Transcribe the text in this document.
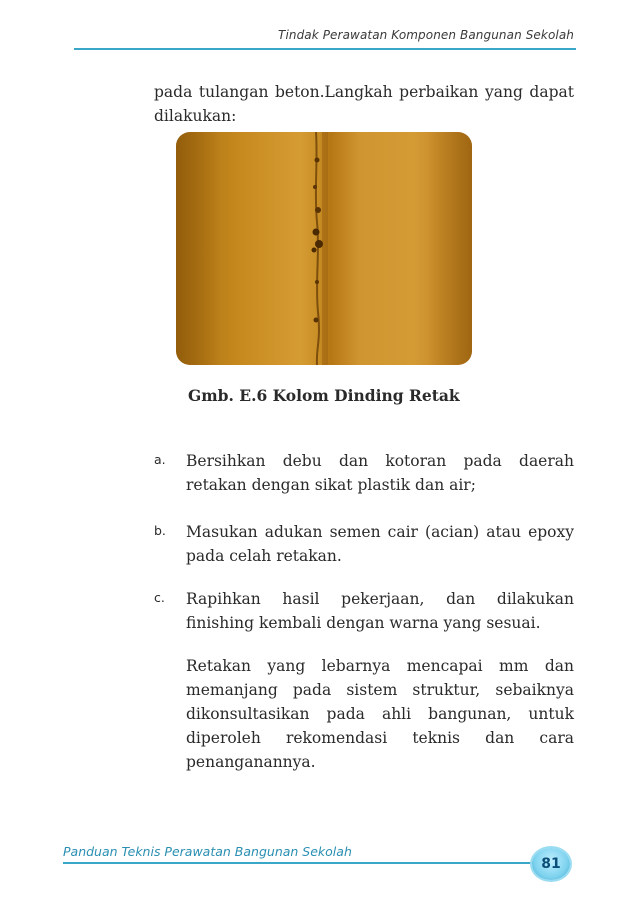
Tindak Perawatan Komponen Bangunan Sekolah

pada tulangan beton.Langkah perbaikan yang dapat dilakukan:

Gmb. E.6 Kolom Dinding Retak
a. Bersihkan debu dan kotoran pada daerah retakan dengan sikat plastik dan air;
b. Masukan adukan semen cair (acian) atau epoxy pada celah retakan.
c. Rapihkan hasil pekerjaan, dan dilakukan finishing kembali dengan warna yang sesuai.

Retakan yang lebarnya mencapai mm dan memanjang pada sistem struktur, sebaiknya dikonsultasikan pada ahli bangunan, untuk diperoleh rekomendasi teknis dan cara penanganannya.

Panduan Teknis Perawatan Bangunan Sekolah
81
